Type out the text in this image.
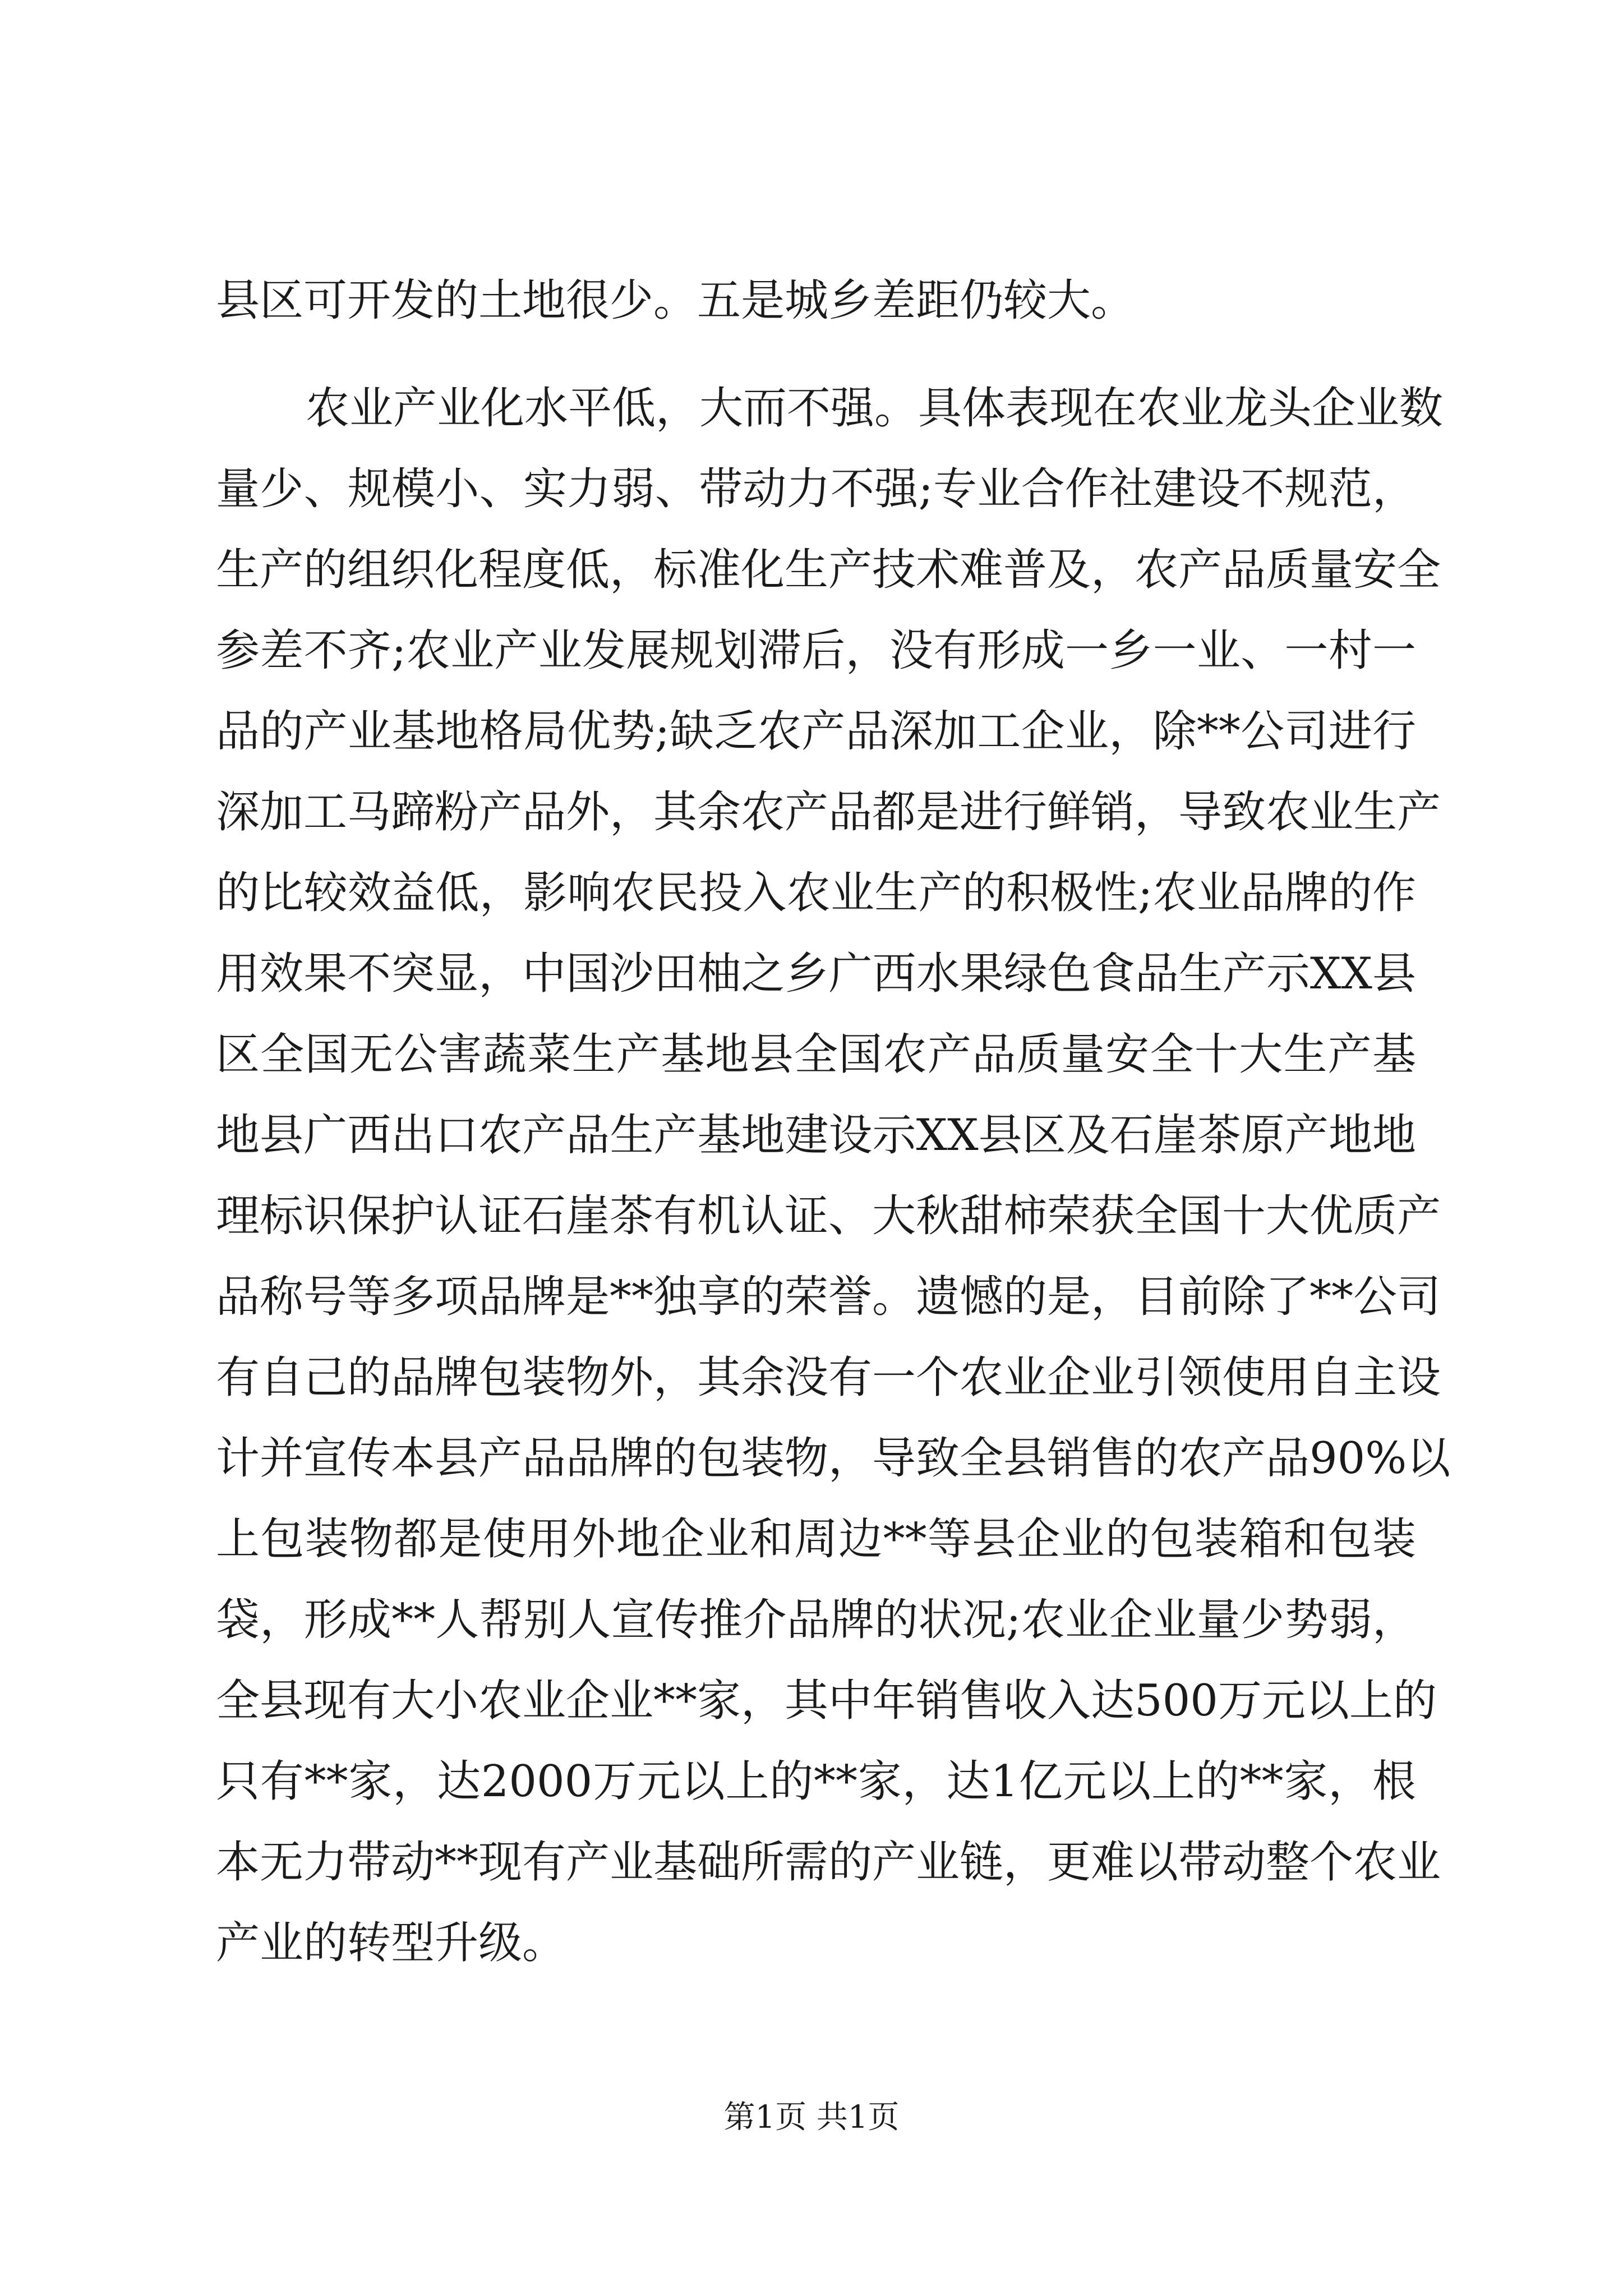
县区可开发的土地很少。五是城乡差距仍较大。
农业产业化水平低，大而不强。具体表现在农业龙头企业数
量少、规模小、实力弱、带动力不强;专业合作社建设不规范，
生产的组织化程度低，标准化生产技术难普及，农产品质量安全
参差不齐;农业产业发展规划滞后，没有形成一乡一业、一村一
品的产业基地格局优势;缺乏农产品深加工企业，除**公司进行
深加工马蹄粉产品外，其余农产品都是进行鲜销，导致农业生产
的比较效益低，影响农民投入农业生产的积极性;农业品牌的作
用效果不突显，中国沙田柚之乡广西水果绿色食品生产示XX县
区全国无公害蔬菜生产基地县全国农产品质量安全十大生产基
地县广西出口农产品生产基地建设示XX县区及石崖茶原产地地
理标识保护认证石崖茶有机认证、大秋甜柿荣获全国十大优质产
品称号等多项品牌是**独享的荣誉。遗憾的是，目前除了**公司
有自己的品牌包装物外，其余没有一个农业企业引领使用自主设
计并宣传本县产品品牌的包装物，导致全县销售的农产品90%以
上包装物都是使用外地企业和周边**等县企业的包装箱和包装
袋，形成**人帮别人宣传推介品牌的状况;农业企业量少势弱，
全县现有大小农业企业**家，其中年销售收入达500万元以上的
只有**家，达2000万元以上的**家，达1亿元以上的**家，根
本无力带动**现有产业基础所需的产业链，更难以带动整个农业
产业的转型升级。
第1页 共1页
